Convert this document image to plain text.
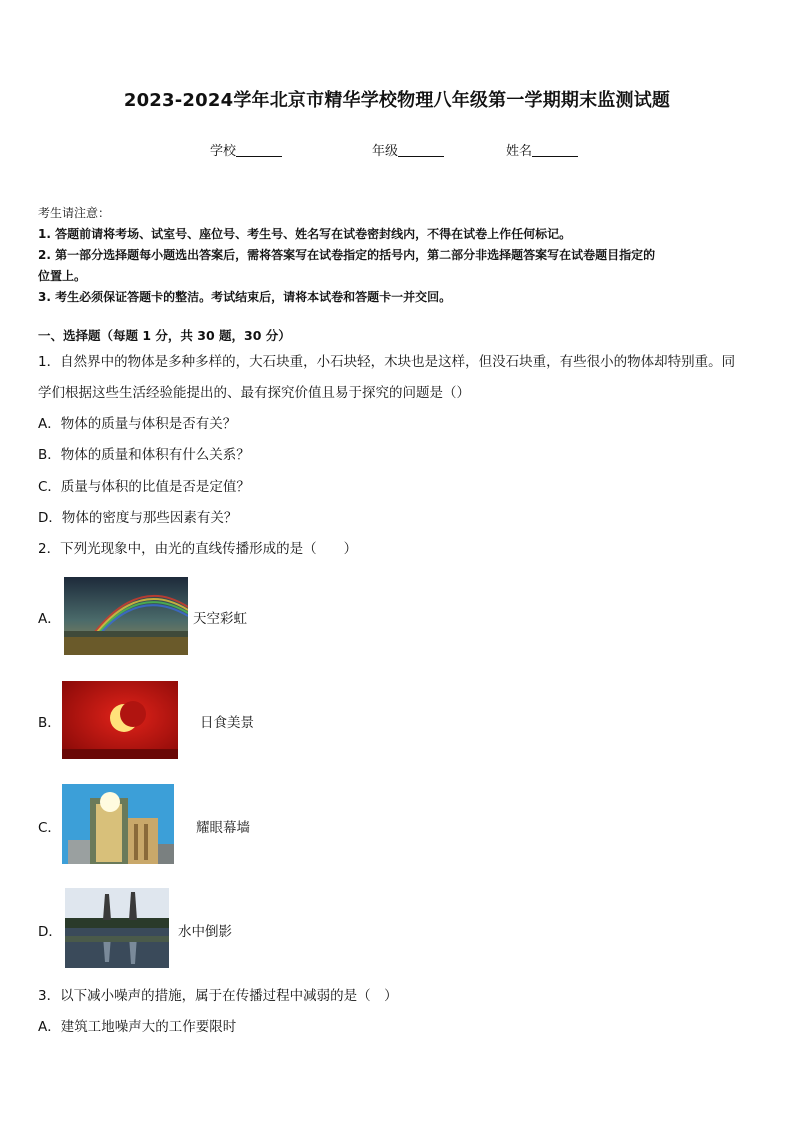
2023-2024学年北京市精华学校物理八年级第一学期期末监测试题
学校	年级	姓名
考生请注意：
1. 答题前请将考场、试室号、座位号、考生号、姓名写在试卷密封线内，不得在试卷上作任何标记。
2. 第一部分选择题每小题选出答案后，需将答案写在试卷指定的括号内，第二部分非选择题答案写在试卷题目指定的
位置上。
3. 考生必须保证答题卡的整洁。考试结束后，请将本试卷和答题卡一并交回。
一、选择题（每题 1 分，共 30 题，30 分）
1．自然界中的物体是多种多样的，大石块重，小石块轻，木块也是这样，但没石块重，有些很小的物体却特别重。同
学们根据这些生活经验能提出的、最有探究价值且易于探究的问题是（）
A．物体的质量与体积是否有关？
B．物体的质量和体积有什么关系？
C．质量与体积的比值是否是定值？
D．物体的密度与那些因素有关？
2．下列光现象中，由光的直线传播形成的是（　　）
A．	天空彩虹
B．	日食美景
C．	耀眼幕墙
D．	水中倒影
3．以下减小噪声的措施，属于在传播过程中减弱的是（　）
A．建筑工地噪声大的工作要限时
